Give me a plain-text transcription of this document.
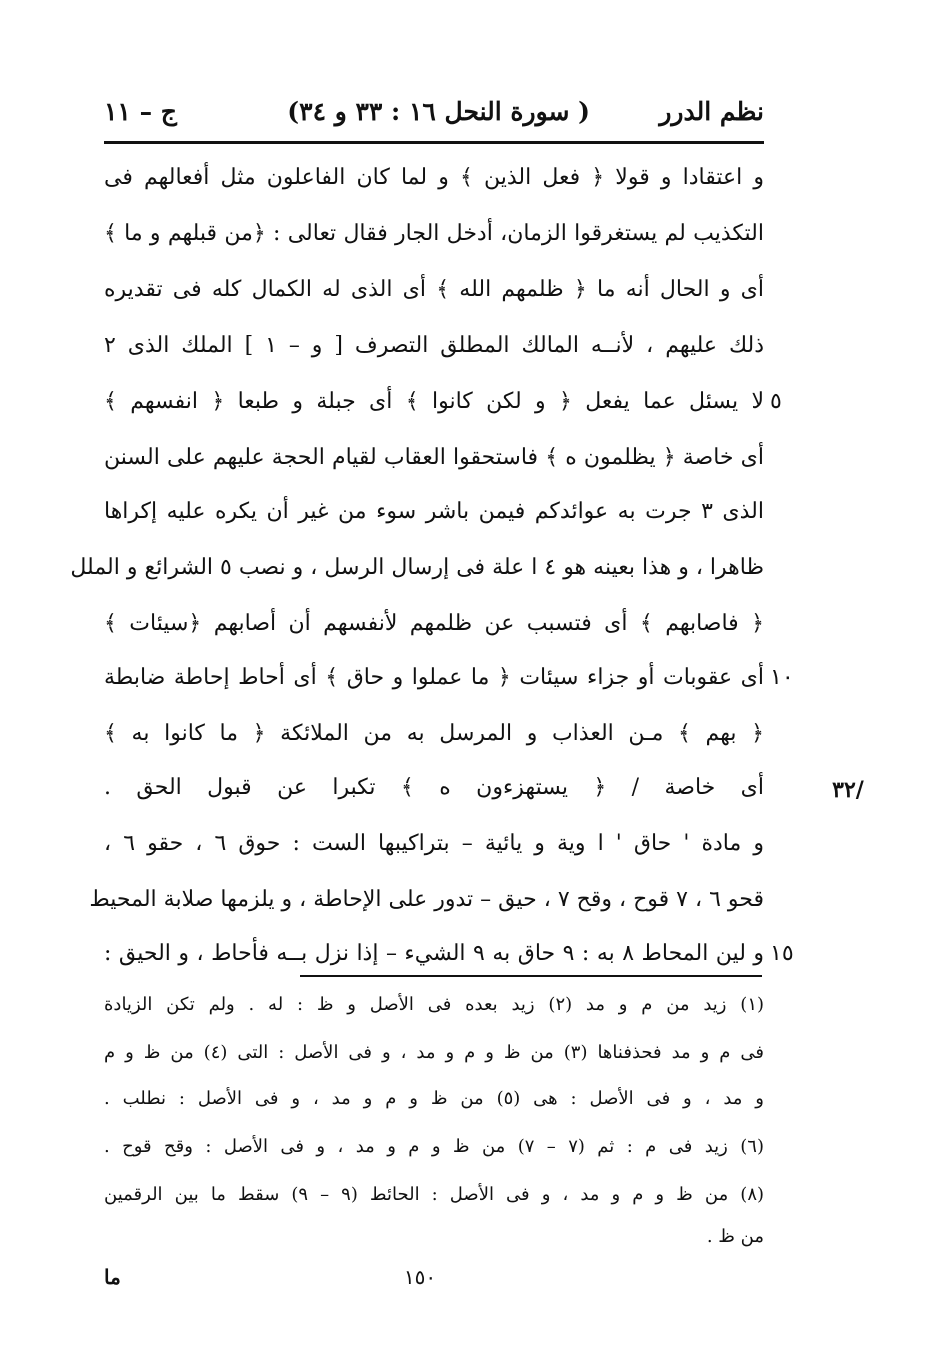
نظم الدرر
( سورة النحل ١٦ : ٣٣ و ٣٤)
ج – ١١
و اعتقادا و قولا ﴿ فعل الذين ﴾ و لما كان الفاعلون مثل أفعالهم فى
التكذيب لم يستغرقوا الزمان، أدخل الجار فقال تعالى : ﴿من قبلهم و ما ﴾
أى و الحال أنه ما ﴿ ظلمهم الله ﴾ أى الذى له الكمال كله فى تقديره
ذلك عليهم ، لأنــه المالك المطلق التصرف [ و – ١ ] الملك الذى ٢
لا يسئل عما يفعل ﴿ و لكن كانوا ﴾ أى جبلة و طبعا ﴿ انفسهم ﴾ ٥
أى خاصة ﴿ يظلمون ه ﴾ فاستحقوا العقاب لقيام الحجة عليهم على السنن
الذى ٣ جرت به عوائدكم فيمن باشر سوء من غير أن يكره عليه إكراها
ظاهرا ، و هذا بعينه هو ٤ ا علة فى إرسال الرسل ، و نصب ٥ الشرائع و الملل
﴿ فاصابهم ﴾ أى فتسبب عن ظلمهم لأنفسهم أن أصابهم ﴿سيئات ﴾
أى عقوبات أو جزاء سيئات ﴿ ما عملوا و حاق ﴾ أى أحاط إحاطة ضابطة ١٠
﴿ بهم ﴾ مـن العذاب و المرسل به من الملائكة ﴿ ما كانوا به ﴾
أى خاصة / ﴿ يستهزءون ه ﴾ تكبرا عن قبول الحق .
و مادة ' حاق ' ا وية و يائية – بتراكيبها الست : حوق ٦ ، حقو ٦ ،
قحو ٦ ، ٧ قوح ، وقح ٧ ، حيق – تدور على الإحاطة ، و يلزمها صلابة المحيط
و لين المحاط ٨ به : ٩ حاق به ٩ الشيء – إذا نزل بــه فأحاط ، و الحيق : ١٥
/٣٢
(١) زيد من م و مد (٢) زيد بعده فى الأصل و ظ : له . ولم تكن الزيادة
فى م و مد فحذفناها (٣) من ظ و م و مد ، و فى الأصل : التى (٤) من ظ و م
و مد ، و فى الأصل : هى (٥) من ظ و م و مد ، و فى الأصل : نطلب .
(٦) زيد فى م : ثم (٧ – ٧) من ظ و م و مد ، و فى الأصل : وقح قوح .
(٨) من ظ و م و مد ، و فى الأصل : الحائط (٩ – ٩) سقط ما بين الرقمين
من ظ .
١٥٠
ما
